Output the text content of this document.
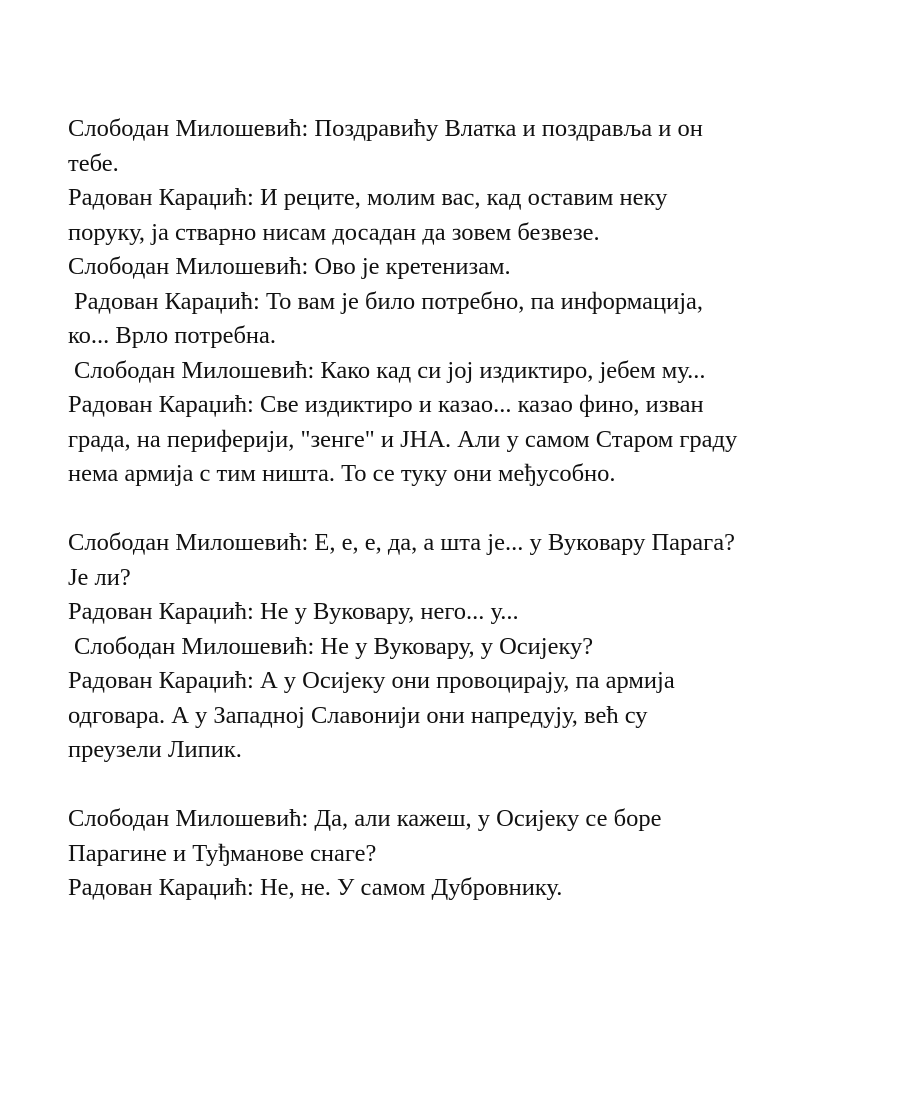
Слободан Милошевић: Поздравићу Влатка и поздравља и он
тебе.
Радован Караџић: И реците, молим вас, кад оставим неку
поруку, ја стварно нисам досадан да зовем безвезе.
Слободан Милошевић: Ово је кретенизам.
Радован Караџић: То вам је било потребно, па информација,
ко... Врло потребна.
Слободан Милошевић: Како кад си јој издиктиро, јебем му...
Радован Караџић: Све издиктиро и казао... казао фино, изван
града, на периферији, "зенге" и ЈНА. Али у самом Старом граду
нема армија с тим ништа. То се туку они међусобно.
Слободан Милошевић: Е, е, е, да, а шта је... у Вуковару Парага?
Је ли?
Радован Караџић: Не у Вуковару, него... у...
Слободан Милошевић: Не у Вуковару, у Осијеку?
Радован Караџић: А у Осијеку они провоцирају, па армија
одговара. А у Западној Славонији они напредују, већ су
преузели Липик.
Слободан Милошевић: Да, али кажеш, у Осијеку се боре
Парагине и Туђманове снаге?
Радован Караџић: Не, не. У самом Дубровнику.
